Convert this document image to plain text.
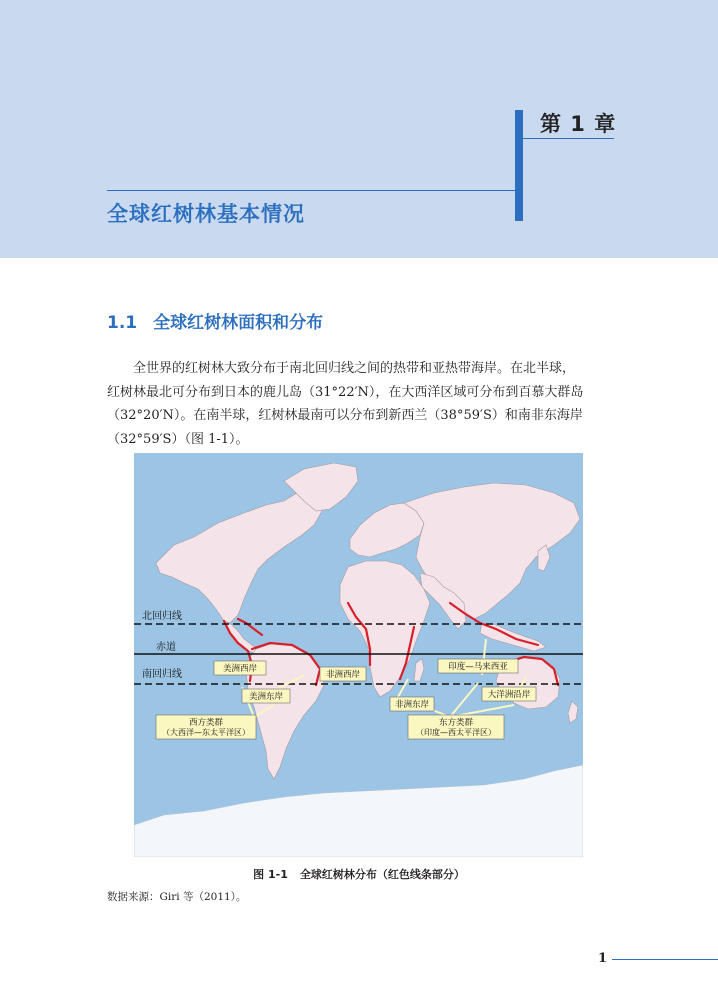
第 1 章
全球红树林基本情况
1.1 全球红树林面积和分布

全世界的红树林大致分布于南北回归线之间的热带和亚热带海岸。在北半球，
红树林最北可分布到日本的鹿儿岛（31°22′N），在大西洋区域可分布到百慕大群岛
（32°20′N）。在南半球，红树林最南可以分布到新西兰（38°59′S）和南非东海岸
（32°59′S）（图 1-1）。

北回归线
赤道
南回归线	美洲西岸
美洲东岸
非洲西岸
印度—马来西亚
非洲东岸
大洋洲沿岸
西方类群
（大西洋—东太平洋区）
东方类群
（印度—西太平洋区）
图 1-1 全球红树林分布（红色线条部分）
数据来源：Giri 等（2011）。
1
